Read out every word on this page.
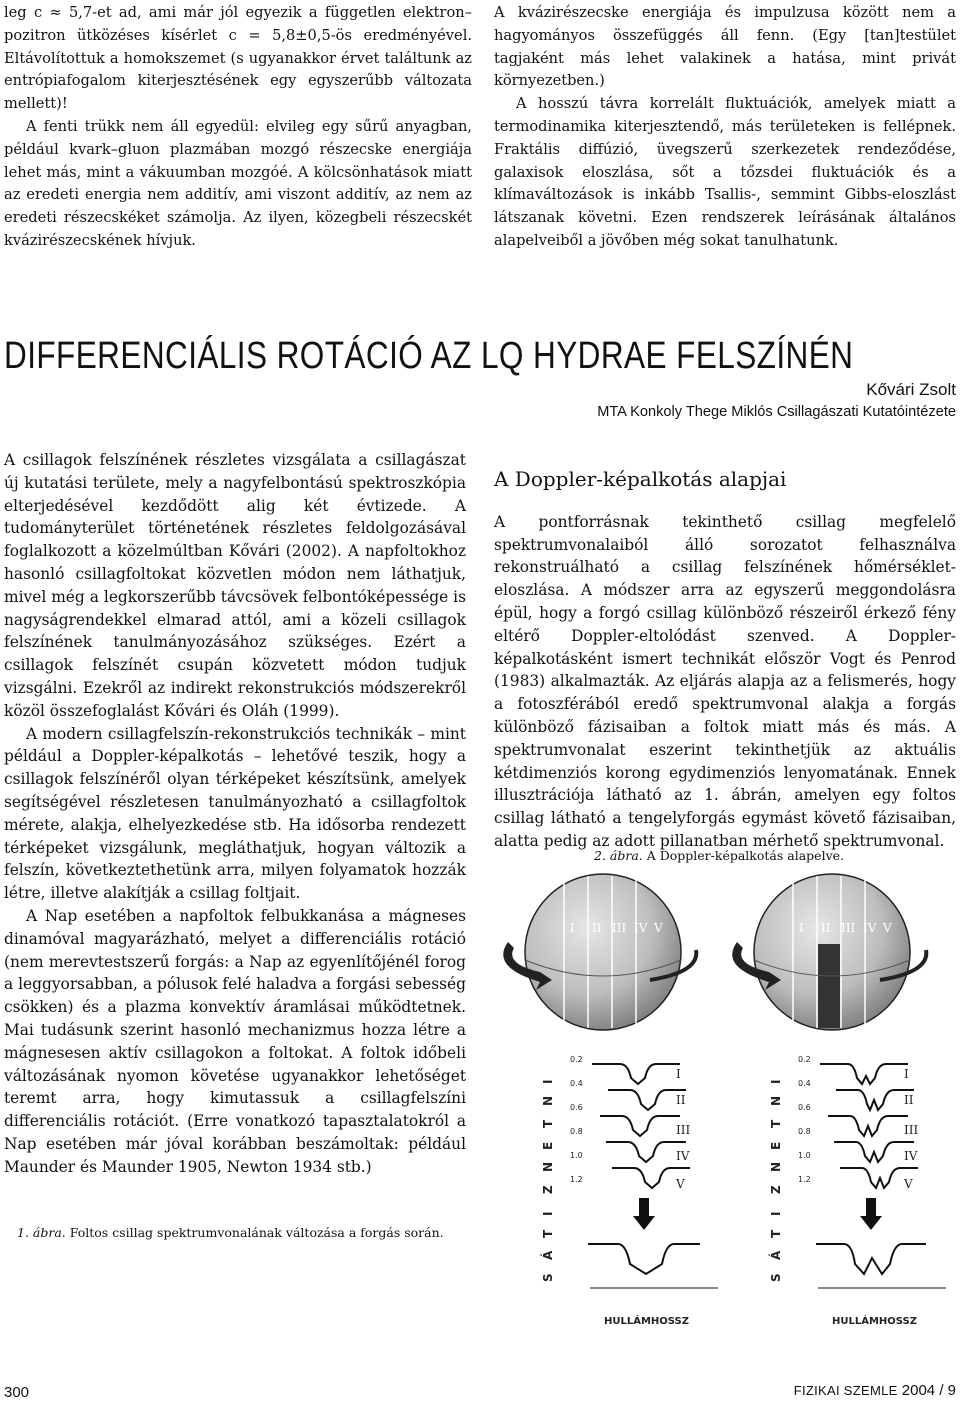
leg c ≈ 5,7-et ad, ami már jól egyezik a független elektron–pozitron ütközéses kísérlet c = 5,8±0,5-ös eredményével. Eltávolítottuk a homokszemet (s ugyanakkor érvet találtunk az entrópiafogalom kiterjesztésének egy egyszerűbb változata mellett)!

A fenti trükk nem áll egyedül: elvileg egy sűrű anyagban, például kvark–gluon plazmában mozgó részecske energiája lehet más, mint a vákuumban mozgóé. A kölcsönhatások miatt az eredeti energia nem additív, ami viszont additív, az nem az eredeti részecskéket számolja. Az ilyen, közegbeli részecskét kvázirészecskének hívjuk.

A kvázirészecske energiája és impulzusa között nem a hagyományos összefüggés áll fenn. (Egy [tan]testület tagjaként más lehet valakinek a hatása, mint privát környezetben.)

A hosszú távra korrelált fluktuációk, amelyek miatt a termodinamika kiterjesztendő, más területeken is fellépnek. Fraktális diffúzió, üvegszerű szerkezetek rendeződése, galaxisok eloszlása, sőt a tőzsdei fluktuációk és a klímaváltozások is inkább Tsallis-, semmint Gibbs-eloszlást látszanak követni. Ezen rendszerek leírásának általános alapelveiből a jövőben még sokat tanulhatunk.

DIFFERENCIÁLIS ROTÁCIÓ AZ LQ HYDRAE FELSZÍNÉN
Kővári Zsolt
MTA Konkoly Thege Miklós Csillagászati Kutatóintézete

A csillagok felszínének részletes vizsgálata a csillagászat új kutatási területe, mely a nagyfelbontású spektroszkópia elterjedésével kezdődött alig két évtizede. A tudományterület történetének részletes feldolgozásával foglalkozott a közelmúltban Kővári (2002). A napfoltokhoz hasonló csillagfoltokat közvetlen módon nem láthatjuk, mivel még a legkorszerűbb távcsövek felbontóképessége is nagyságrendekkel elmarad attól, ami a közeli csillagok felszínének tanulmányozásához szükséges. Ezért a csillagok felszínét csupán közvetett módon tudjuk vizsgálni. Ezekről az indirekt rekonstrukciós módszerekről közöl összefoglalást Kővári és Oláh (1999).

A modern csillagfelszín-rekonstrukciós technikák – mint például a Doppler-képalkotás – lehetővé teszik, hogy a csillagok felszínéről olyan térképeket készítsünk, amelyek segítségével részletesen tanulmányozható a csillagfoltok mérete, alakja, elhelyezkedése stb. Ha idősorba rendezett térképeket vizsgálunk, megláthatjuk, hogyan változik a felszín, következtethetünk arra, milyen folyamatok hozzák létre, illetve alakítják a csillag foltjait.

A Nap esetében a napfoltok felbukkanása a mágneses dinamóval magyarázható, melyet a differenciális rotáció (nem merevtestszerű forgás: a Nap az egyenlítőjénél forog a leggyorsabban, a pólusok felé haladva a forgási sebesség csökken) és a plazma konvektív áramlásai működtetnek. Mai tudásunk szerint hasonló mechanizmus hozza létre a mágnesesen aktív csillagokon a foltokat. A foltok időbeli változásának nyomon követése ugyanakkor lehetőséget teremt arra, hogy kimutassuk a csillagfelszíni differenciális rotációt. (Erre vonatkozó tapasztalatokról a Nap esetében már jóval korábban beszámoltak: például Maunder és Maunder 1905, Newton 1934 stb.)

A Doppler-képalkotás alapjai

A pontforrásnak tekinthető csillag megfelelő spektrumvonalaiból álló sorozatot felhasználva rekonstruálható a csillag felszínének hőmérséklet-eloszlása. A módszer arra az egyszerű meggondolásra épül, hogy a forgó csillag különböző részeiről érkező fény eltérő Doppler-eltolódást szenved. A Doppler-képalkotásként ismert technikát először Vogt és Penrod (1983) alkalmazták. Az eljárás alapja az a felismerés, hogy a fotoszférából eredő spektrumvonal alakja a forgás különböző fázisaiban a foltok miatt más és más. A spektrumvonalat eszerint tekinthetjük az aktuális kétdimenziós korong egydimenziós lenyomatának. Ennek illusztrációja látható az 1. ábrán, amelyen egy foltos csillag látható a tengelyforgás egymást követő fázisaiban, alatta pedig az adott pillanatban mérhető spektrumvonal.

2. ábra. A Doppler-képalkotás alapelve.
I II III IV V	I II III IV V
I
N
T
E
N
Z
I
T
Á
S
I
N
T
E
N
Z
I
T
Á
S
0.2
0.4
0.6
0.8
1.0
1.2
0.2
0.4
0.6
0.8
1.0
1.2
I
II
III
IV
V
I
II
III
IV
V
HULLÁMHOSSZ	HULLÁMHOSSZ
1. ábra. Foltos csillag spektrumvonalának változása a forgás során.
300	FIZIKAI SZEMLE 2004 / 9
